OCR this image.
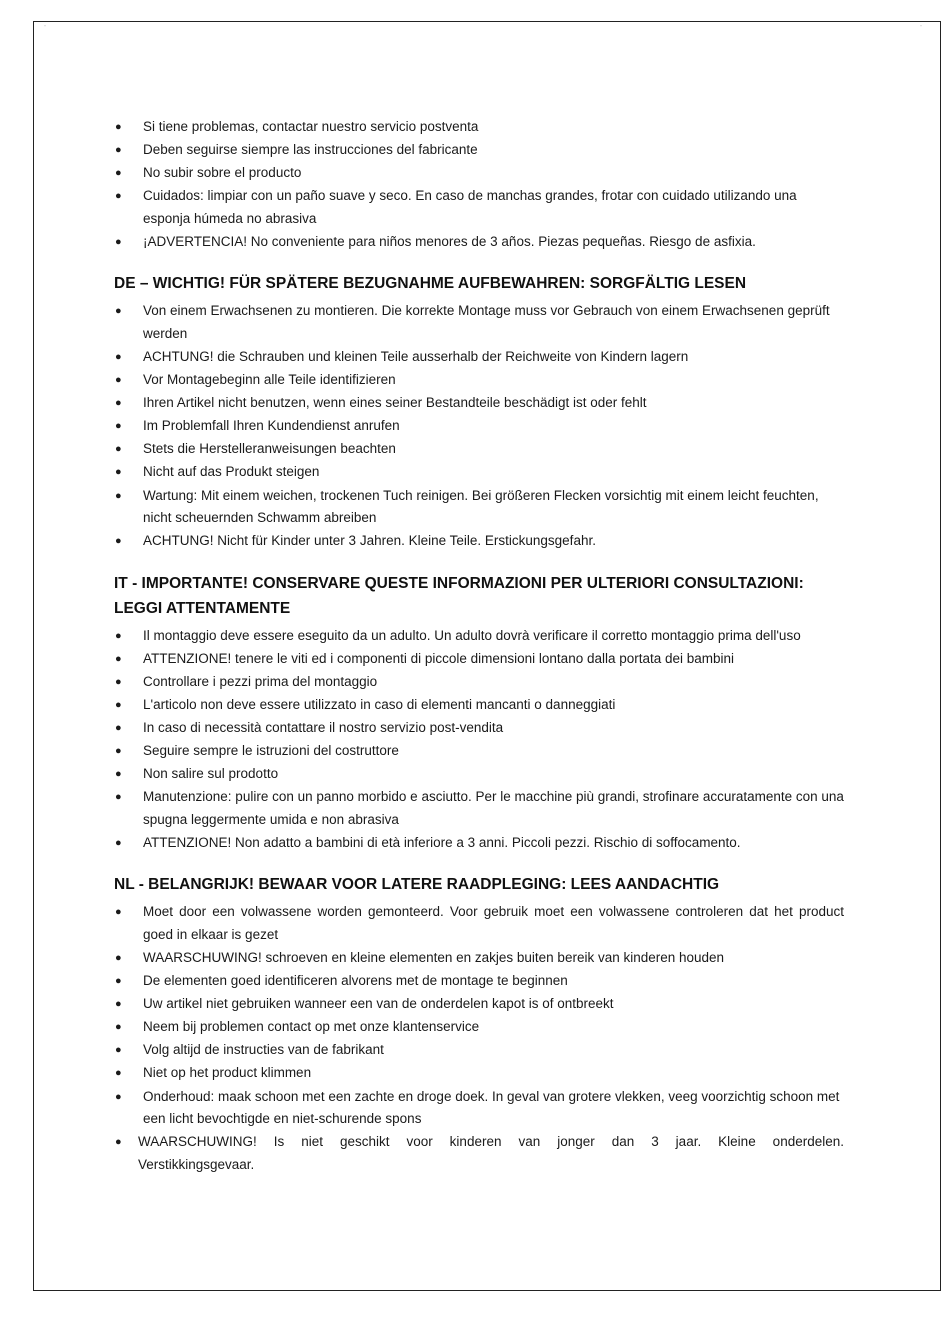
¨	¨
● Si tiene problemas, contactar nuestro servicio postventa
● Deben seguirse siempre las instrucciones del fabricante
● No subir sobre el producto
● Cuidados: limpiar con un paño suave y seco. En caso de manchas grandes, frotar con cuidado utilizando una esponja húmeda no abrasiva
● ¡ADVERTENCIA! No conveniente para niños menores de 3 años. Piezas pequeñas. Riesgo de asfixia.
DE – WICHTIG! FÜR SPÄTERE BEZUGNAHME AUFBEWAHREN: SORGFÄLTIG LESEN
● Von einem Erwachsenen zu montieren. Die korrekte Montage muss vor Gebrauch von einem Erwachsenen geprüft werden
● ACHTUNG! die Schrauben und kleinen Teile ausserhalb der Reichweite von Kindern lagern
● Vor Montagebeginn alle Teile identifizieren
● Ihren Artikel nicht benutzen, wenn eines seiner Bestandteile beschädigt ist oder fehlt
● Im Problemfall Ihren Kundendienst anrufen
● Stets die Herstelleranweisungen beachten
● Nicht auf das Produkt steigen
● Wartung: Mit einem weichen, trockenen Tuch reinigen. Bei größeren Flecken vorsichtig mit einem leicht feuchten, nicht scheuernden Schwamm abreiben
● ACHTUNG! Nicht für Kinder unter 3 Jahren. Kleine Teile. Erstickungsgefahr.
IT - IMPORTANTE! CONSERVARE QUESTE INFORMAZIONI PER ULTERIORI CONSULTAZIONI: LEGGI ATTENTAMENTE
● Il montaggio deve essere eseguito da un adulto. Un adulto dovrà verificare il corretto montaggio prima dell'uso
● ATTENZIONE! tenere le viti ed i componenti di piccole dimensioni lontano dalla portata dei bambini
● Controllare i pezzi prima del montaggio
● L'articolo non deve essere utilizzato in caso di elementi mancanti o danneggiati
● In caso di necessità contattare il nostro servizio post-vendita
● Seguire sempre le istruzioni del costruttore
● Non salire sul prodotto
● Manutenzione: pulire con un panno morbido e asciutto. Per le macchine più grandi, strofinare accuratamente con una spugna leggermente umida e non abrasiva
● ATTENZIONE! Non adatto a bambini di età inferiore a 3 anni. Piccoli pezzi. Rischio di soffocamento.
NL - BELANGRIJK! BEWAAR VOOR LATERE RAADPLEGING: LEES AANDACHTIG
● Moet door een volwassene worden gemonteerd. Voor gebruik moet een volwassene controleren dat het product goed in elkaar is gezet
● WAARSCHUWING! schroeven en kleine elementen en zakjes buiten bereik van kinderen houden
● De elementen goed identificeren alvorens met de montage te beginnen
● Uw artikel niet gebruiken wanneer een van de onderdelen kapot is of ontbreekt
● Neem bij problemen contact op met onze klantenservice
● Volg altijd de instructies van de fabrikant
● Niet op het product klimmen
● Onderhoud: maak schoon met een zachte en droge doek. In geval van grotere vlekken, veeg voorzichtig schoon met een licht bevochtigde en niet-schurende spons
● WAARSCHUWING! Is niet geschikt voor kinderen van jonger dan 3 jaar. Kleine onderdelen. Verstikkingsgevaar.
